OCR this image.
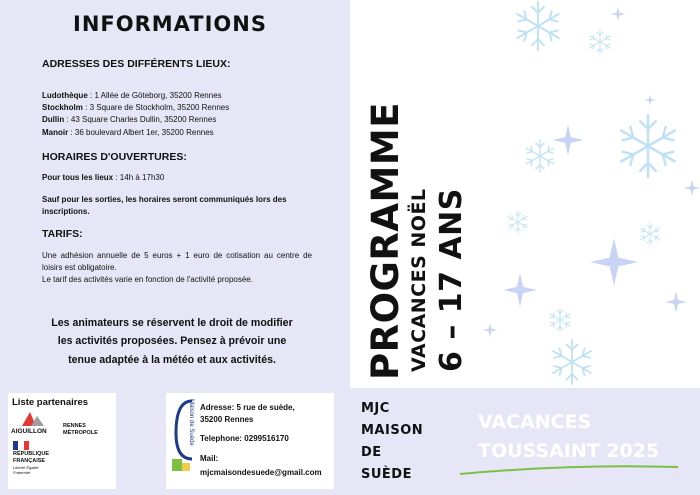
INFORMATIONS
ADRESSES DES DIFFÉRENTS LIEUX:
Ludothèque : 1 Allée de Göteborg, 35200 Rennes
Stockholm : 3 Square de Stockholm, 35200 Rennes
Dullin : 43 Square Charles Dullin, 35200 Rennes
Manoir : 36 boulevard Albert 1er, 35200 Rennes
HORAIRES D'OUVERTURES:
Pour tous les lieux : 14h à 17h30
Sauf pour les sorties, les horaires seront communiqués lors des inscriptions.
TARIFS:
Une adhésion annuelle de 5 euros + 1 euro de cotisation au centre de loisirs est obligatoire.
Le tarif des activités varie en fonction de l'activité proposée.
Les animateurs se réservent le droit de modifier les activités proposées. Pensez à prévoir une tenue adaptée à la météo et aux activités.
Liste partenaires
AIGUILLON
RENNES MÉTROPOLE
RÉPUBLIQUE FRANÇAISE
Liberté Égalité Fraternité
Maison de Suède Adresse: 5 rue de suède,
35200 Rennes
Telephone: 0299516170
Mail:
mjcmaisondesuede@gmail.com
PROGRAMME VACANCES NOËL 6 – 17 ANS
MJC
MAISON
DE
SUÈDE
VACANCES
TOUSSAINT 2025
